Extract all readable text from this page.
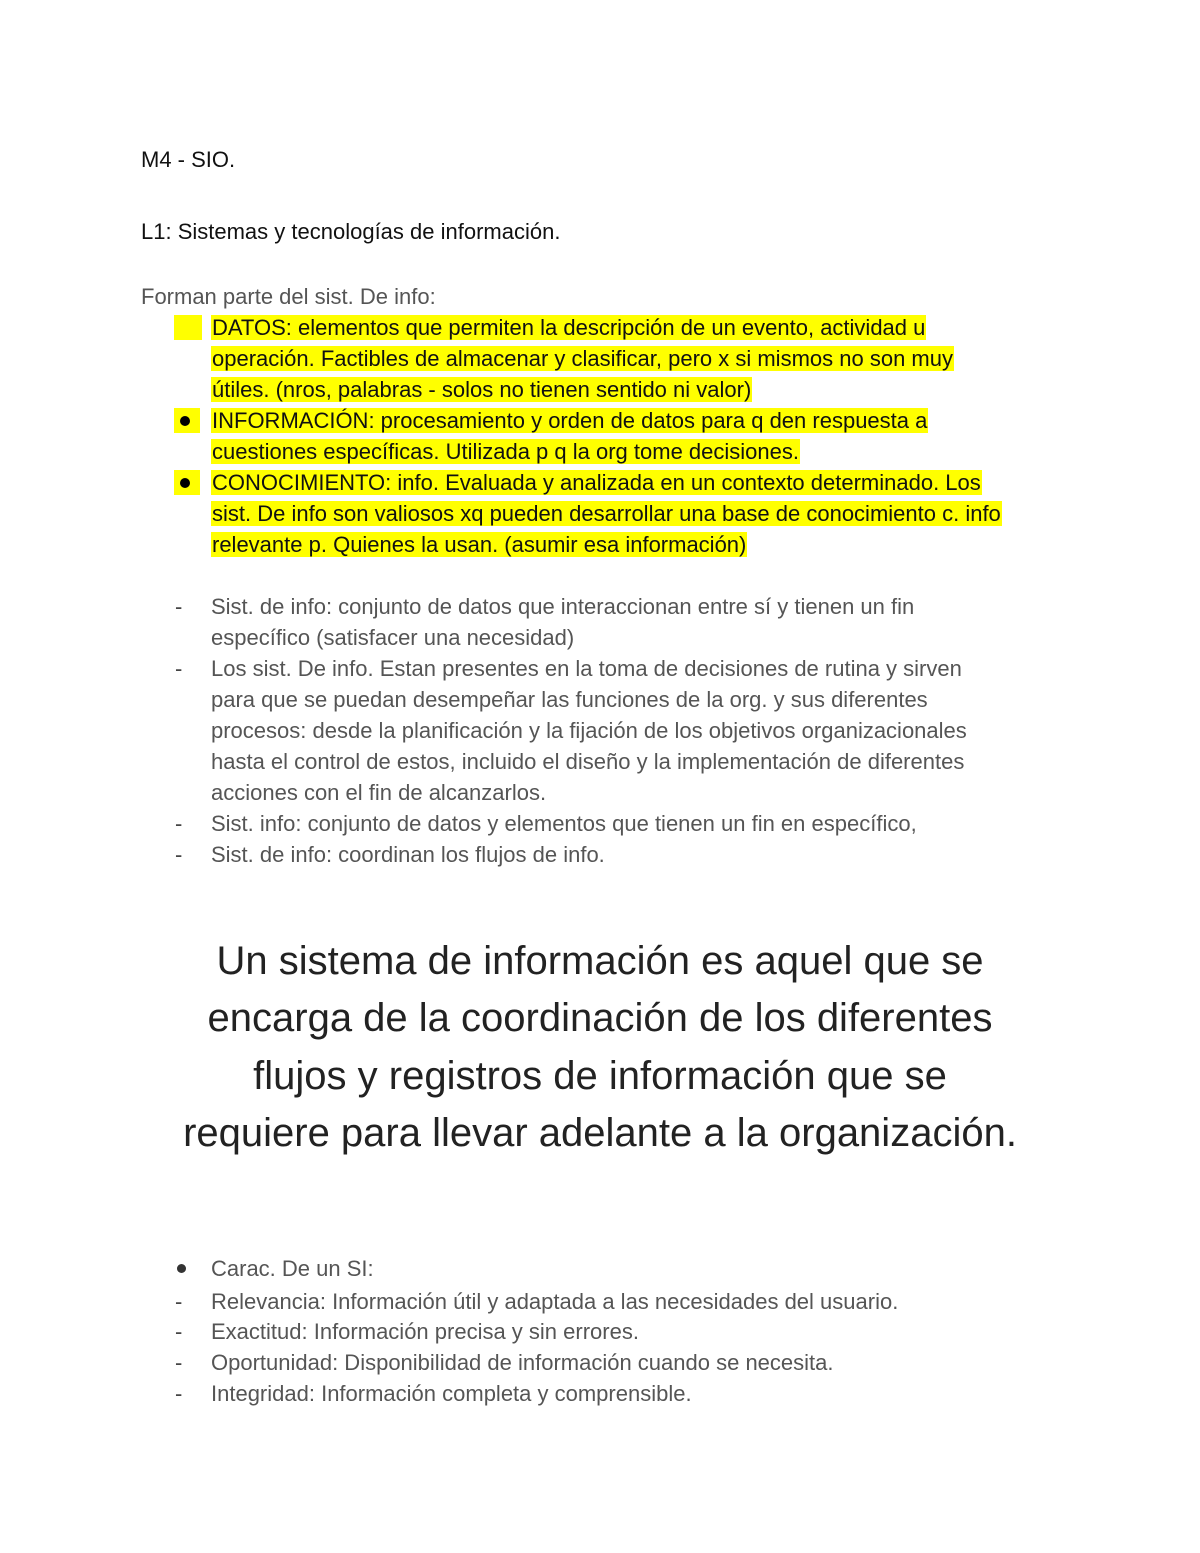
M4 - SIO.
L1: Sistemas y tecnologías de información.
Forman parte del sist. De info:
DATOS: elementos que permiten la descripción de un evento, actividad u
operación. Factibles de almacenar y clasificar, pero x si mismos no son muy
útiles. (nros, palabras - solos no tienen sentido ni valor)
INFORMACIÓN: procesamiento y orden de datos para q den respuesta a
cuestiones específicas. Utilizada p q la org tome decisiones.
CONOCIMIENTO: info. Evaluada y analizada en un contexto determinado. Los
sist. De info son valiosos xq pueden desarrollar una base de conocimiento c. info
relevante p. Quienes la usan. (asumir esa información)
- Sist. de info: conjunto de datos que interaccionan entre sí y tienen un fin
específico (satisfacer una necesidad)
- Los sist. De info. Estan presentes en la toma de decisiones de rutina y sirven
para que se puedan desempeñar las funciones de la org. y sus diferentes
procesos: desde la planificación y la fijación de los objetivos organizacionales
hasta el control de estos, incluido el diseño y la implementación de diferentes
acciones con el fin de alcanzarlos.
- Sist. info: conjunto de datos y elementos que tienen un fin en específico,
- Sist. de info: coordinan los flujos de info.
Un sistema de información es aquel que se
encarga de la coordinación de los diferentes
flujos y registros de información que se
requiere para llevar adelante a la organización.
Carac. De un SI:
- Relevancia: Información útil y adaptada a las necesidades del usuario.
- Exactitud: Información precisa y sin errores.
- Oportunidad: Disponibilidad de información cuando se necesita.
- Integridad: Información completa y comprensible.
